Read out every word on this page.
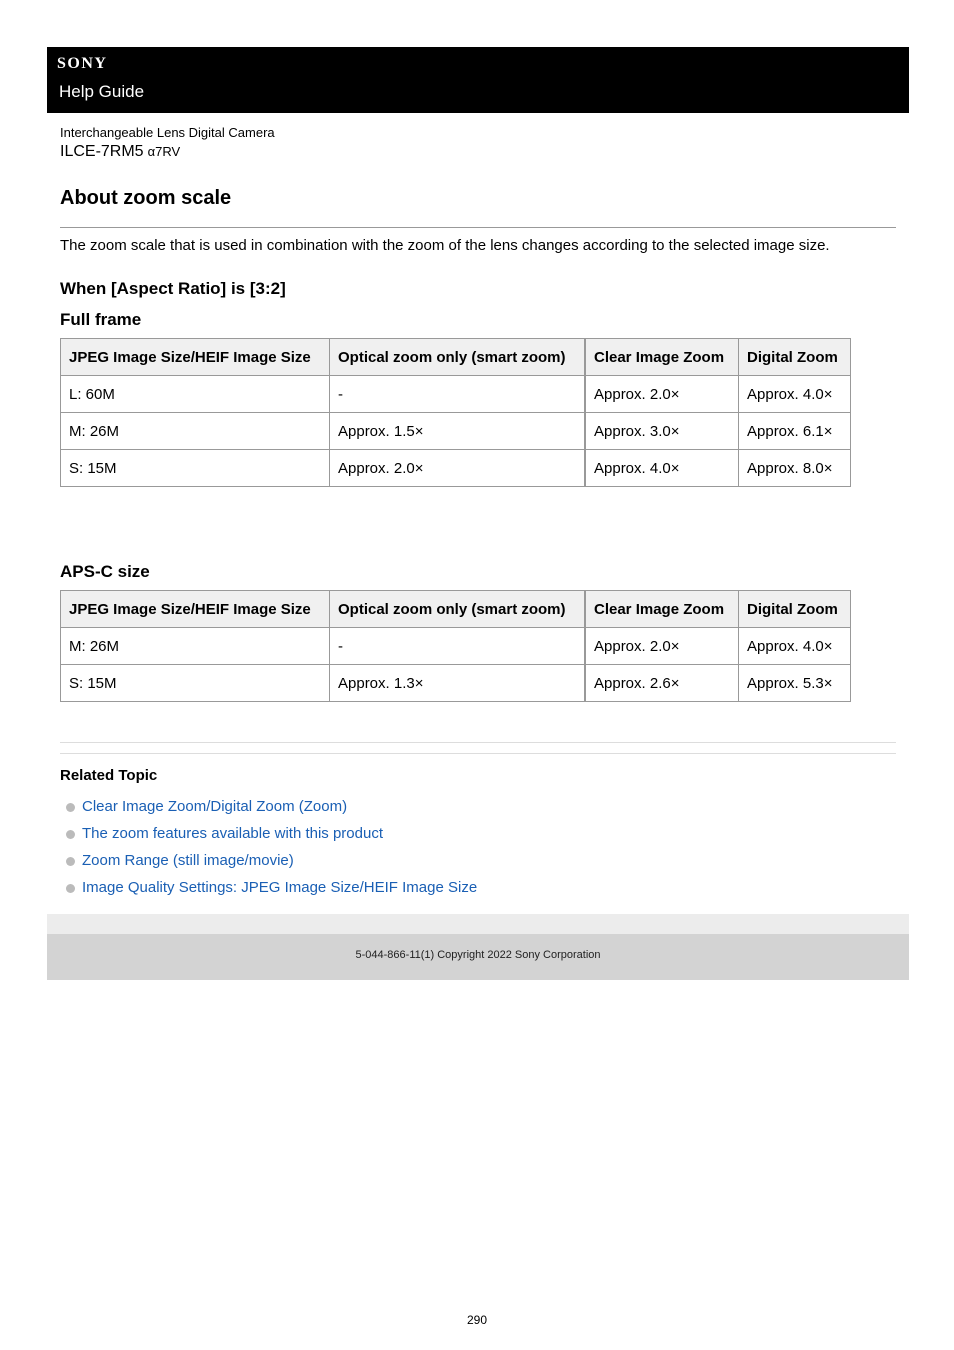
SONY
Help Guide
Interchangeable Lens Digital Camera
ILCE-7RM5 α7RV
About zoom scale
The zoom scale that is used in combination with the zoom of the lens changes according to the selected image size.
When [Aspect Ratio] is [3:2]
Full frame
JPEG Image Size/HEIF Image Size	Optical zoom only (smart zoom)	Clear Image Zoom	Digital Zoom
L: 60M	-	Approx. 2.0×	Approx. 4.0×
M: 26M	Approx. 1.5×	Approx. 3.0×	Approx. 6.1×
S: 15M	Approx. 2.0×	Approx. 4.0×	Approx. 8.0×
APS-C size
JPEG Image Size/HEIF Image Size	Optical zoom only (smart zoom)	Clear Image Zoom	Digital Zoom
M: 26M	-	Approx. 2.0×	Approx. 4.0×
S: 15M	Approx. 1.3×	Approx. 2.6×	Approx. 5.3×
Related Topic
Clear Image Zoom/Digital Zoom (Zoom)
The zoom features available with this product
Zoom Range (still image/movie)
Image Quality Settings: JPEG Image Size/HEIF Image Size
5-044-866-11(1) Copyright 2022 Sony Corporation
290
